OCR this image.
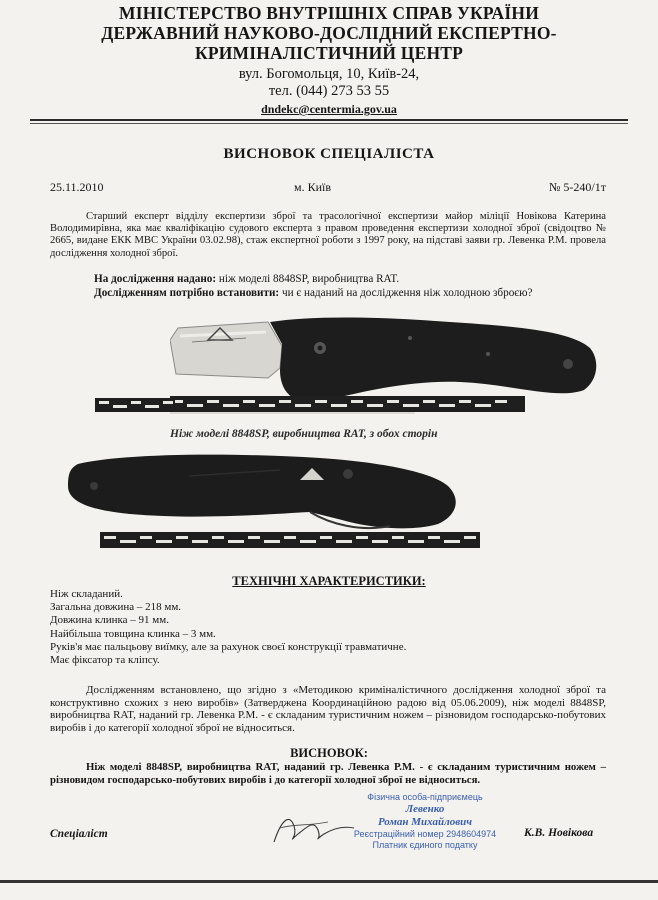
МІНІСТЕРСТВО ВНУТРІШНІХ СПРАВ УКРАЇНИ
ДЕРЖАВНИЙ НАУКОВО-ДОСЛІДНИЙ ЕКСПЕРТНО-
КРИМІНАЛІСТИЧНИЙ ЦЕНТР
вул. Богомольця, 10, Київ-24,
тел. (044) 273 53 55
dndekc@centermia.gov.ua
ВИСНОВОК СПЕЦІАЛІСТА
25.11.2010	м. Київ	№ 5-240/1т
Старший експерт відділу експертизи зброї та трасологічної експертизи майор міліції Новікова Катерина Володимирівна, яка має кваліфікацію судового експерта з правом проведення експертизи холодної зброї (свідоцтво № 2665, видане ЕКК МВС України 03.02.98), стаж експертної роботи з 1997 року, на підставі заяви гр. Левенка Р.М. провела дослідження холодної зброї.
На дослідження надано: ніж моделі 8848SP, виробництва RAT.
Дослідженням потрібно встановити: чи є наданий на дослідження ніж холодною зброєю?
Ніж моделі 8848SP, виробництва RAT, з обох сторін
ТЕХНІЧНІ ХАРАКТЕРИСТИКИ:
Ніж складаний.
Загальна довжина – 218 мм.
Довжина клинка – 91 мм.
Найбільша товщина клинка – 3 мм.
Руків'я має пальцьову виїмку, але за рахунок своєї конструкції травматичне.
Має фіксатор та кліпсу.
Дослідженням встановлено, що згідно з «Методикою криміналістичного дослідження холодної зброї та конструктивно схожих з нею виробів» (Затверджена Координаційною радою від 05.06.2009), ніж моделі 8848SP, виробництва RAT, наданий гр. Левенка Р.М. - є складаним туристичним ножем – різновидом господарсько-побутових виробів і до категорії холодної зброї не відноситься.
ВИСНОВОК:
Ніж моделі 8848SP, виробництва RAT, наданий гр. Левенка Р.М. - є складаним туристичним ножем – різновидом господарсько-побутових виробів і до категорії холодної зброї не відноситься.
Фізична особа-підприємець
Левенко
Роман Михайлович
Реєстраційний номер 2948604974
Платник єдиного податку
Спеціаліст	К.В. Новікова
